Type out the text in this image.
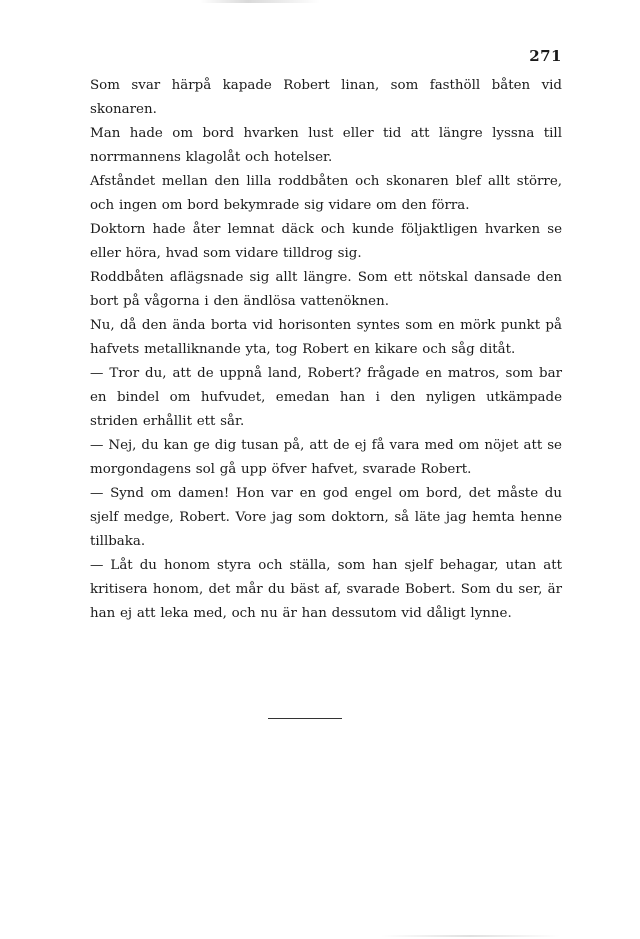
271

Som svar härpå kapade Robert linan, som fasthöll båten vid skonaren.

Man hade om bord hvarken lust eller tid att längre lyssna till norrmannens klagolåt och hotelser.

Afståndet mellan den lilla roddbåten och skonaren blef allt större, och ingen om bord bekymrade sig vidare om den förra.

Doktorn hade åter lemnat däck och kunde följaktligen hvarken se eller höra, hvad som vidare tilldrog sig.

Roddbåten aflägsnade sig allt längre. Som ett nötskal dansade den bort på vågorna i den ändlösa vattenöknen.

Nu, då den ända borta vid horisonten syntes som en mörk punkt på hafvets metalliknande yta, tog Robert en kikare och såg ditåt.

— Tror du, att de uppnå land, Robert? frågade en matros, som bar en bindel om hufvudet, emedan han i den nyligen utkämpade striden erhållit ett sår.

— Nej, du kan ge dig tusan på, att de ej få vara med om nöjet att se morgondagens sol gå upp öfver hafvet, svarade Robert.

— Synd om damen! Hon var en god engel om bord, det måste du sjelf medge, Robert. Vore jag som doktorn, så läte jag hemta henne tillbaka.

— Låt du honom styra och ställa, som han sjelf behagar, utan att kritisera honom, det mår du bäst af, svarade Bobert. Som du ser, är han ej att leka med, och nu är han dessutom vid dåligt lynne.
